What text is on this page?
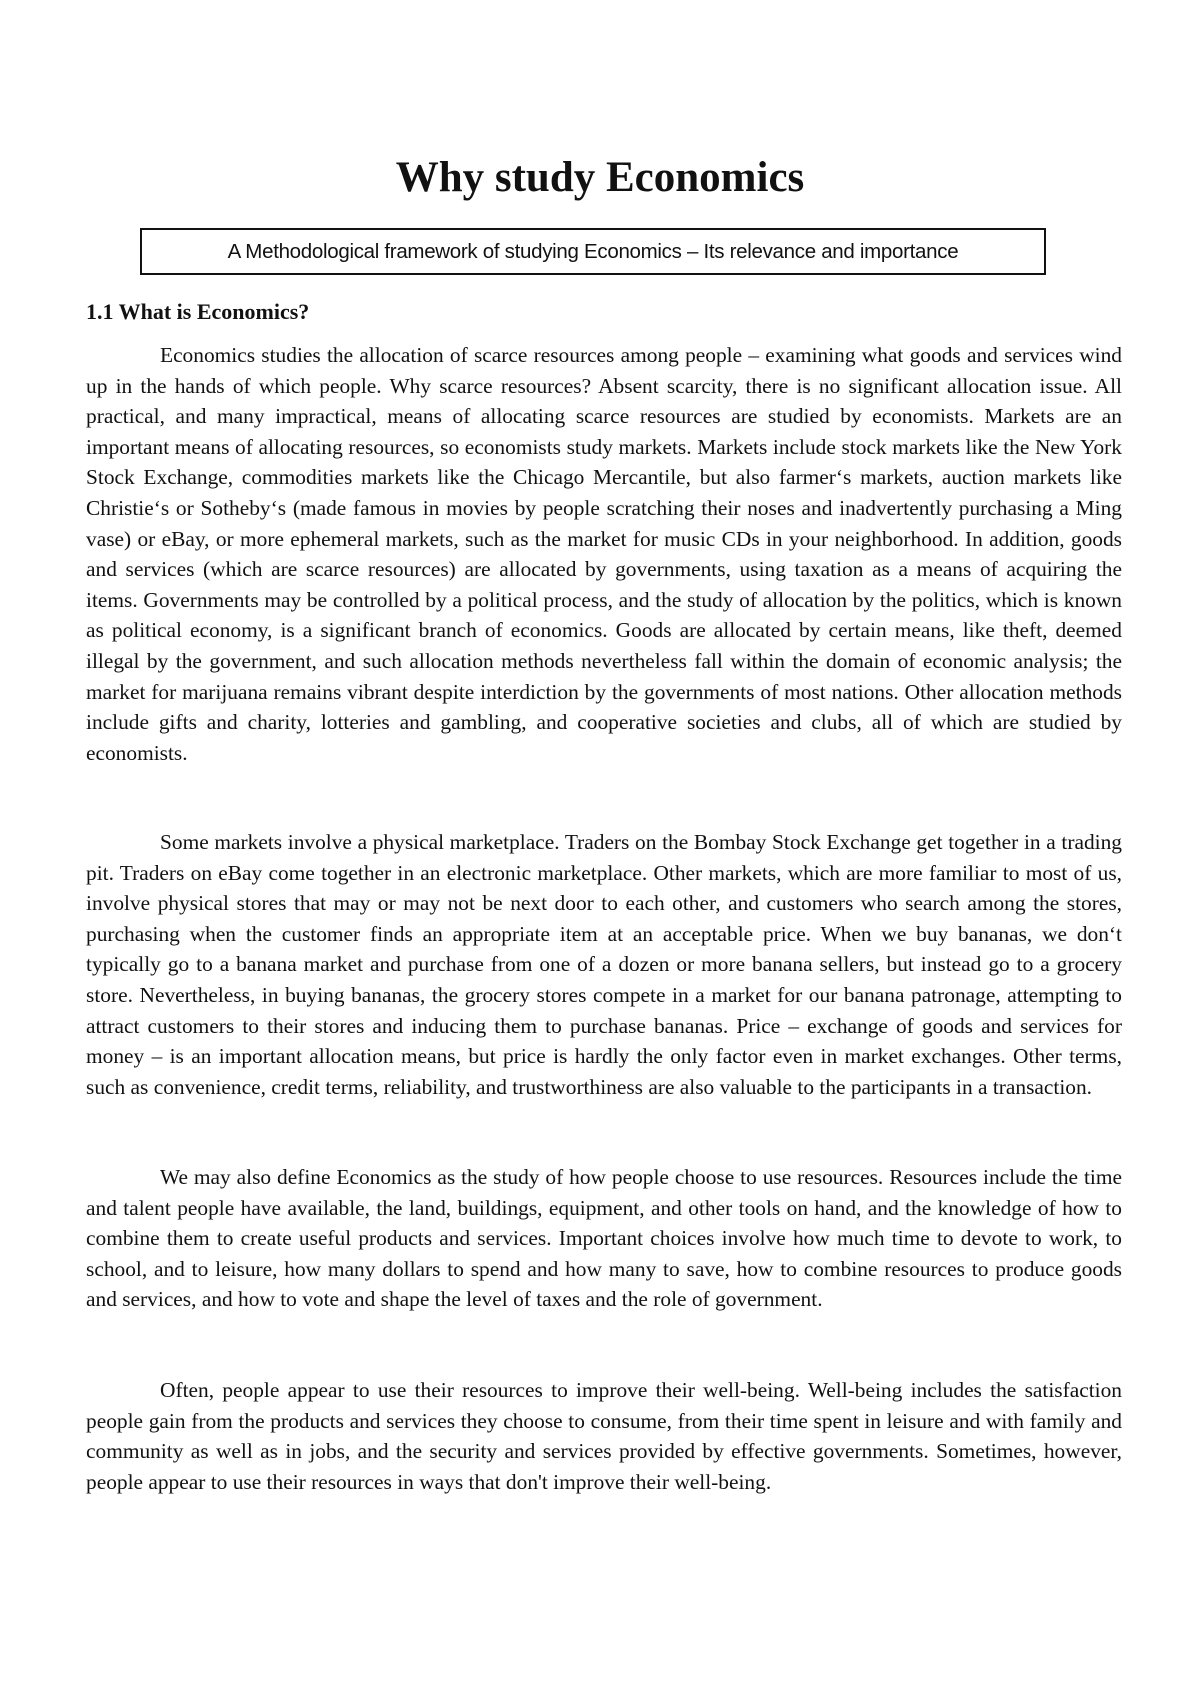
Why study Economics
A Methodological framework of studying Economics – Its relevance and importance
1.1 What is Economics?

Economics studies the allocation of scarce resources among people – examining what goods and services wind up in the hands of which people. Why scarce resources? Absent scarcity, there is no significant allocation issue. All practical, and many impractical, means of allocating scarce resources are studied by economists. Markets are an important means of allocating resources, so economists study markets. Markets include stock markets like the New York Stock Exchange, commodities markets like the Chicago Mercantile, but also farmer‘s markets, auction markets like Christie‘s or Sotheby‘s (made famous in movies by people scratching their noses and inadvertently purchasing a Ming vase) or eBay, or more ephemeral markets, such as the market for music CDs in your neighborhood. In addition, goods and services (which are scarce resources) are allocated by governments, using taxation as a means of acquiring the items. Governments may be controlled by a political process, and the study of allocation by the politics, which is known as political economy, is a significant branch of economics. Goods are allocated by certain means, like theft, deemed illegal by the government, and such allocation methods nevertheless fall within the domain of economic analysis; the market for marijuana remains vibrant despite interdiction by the governments of most nations. Other allocation methods include gifts and charity, lotteries and gambling, and cooperative societies and clubs, all of which are studied by economists.

Some markets involve a physical marketplace. Traders on the Bombay Stock Exchange get together in a trading pit. Traders on eBay come together in an electronic marketplace. Other markets, which are more familiar to most of us, involve physical stores that may or may not be next door to each other, and customers who search among the stores, purchasing when the customer finds an appropriate item at an acceptable price. When we buy bananas, we don‘t typically go to a banana market and purchase from one of a dozen or more banana sellers, but instead go to a grocery store. Nevertheless, in buying bananas, the grocery stores compete in a market for our banana patronage, attempting to attract customers to their stores and inducing them to purchase bananas. Price – exchange of goods and services for money – is an important allocation means, but price is hardly the only factor even in market exchanges. Other terms, such as convenience, credit terms, reliability, and trustworthiness are also valuable to the participants in a transaction.

We may also define Economics as the study of how people choose to use resources. Resources include the time and talent people have available, the land, buildings, equipment, and other tools on hand, and the knowledge of how to combine them to create useful products and services. Important choices involve how much time to devote to work, to school, and to leisure, how many dollars to spend and how many to save, how to combine resources to produce goods and services, and how to vote and shape the level of taxes and the role of government.

Often, people appear to use their resources to improve their well-being. Well-being includes the satisfaction people gain from the products and services they choose to consume, from their time spent in leisure and with family and community as well as in jobs, and the security and services provided by effective governments. Sometimes, however, people appear to use their resources in ways that don't improve their well-being.
